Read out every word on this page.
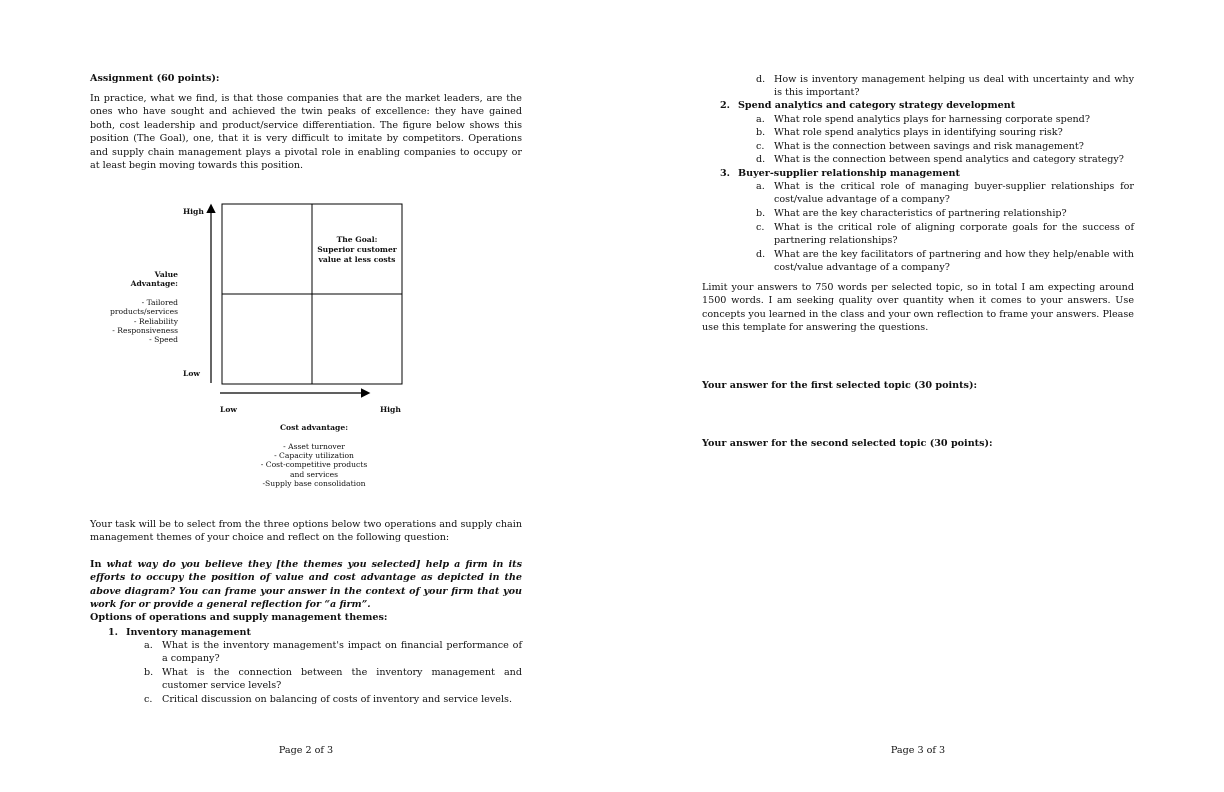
Assignment (60 points):
In practice, what we find, is that those companies that are the market leaders, are the ones who have sought and achieved the twin peaks of excellence: they have gained both, cost leadership and product/service differentiation. The figure below shows this position (The Goal), one, that it is very difficult to imitate by competitors. Operations and supply chain management plays a pivotal role in enabling companies to occupy or at least begin moving towards this position.
High
Low
Low	High
Value
Advantage:
- Tailored
products/services
- Reliability
- Responsiveness
- Speed
The Goal:
Superior customer
value at less costs
Cost advantage:
- Asset turnover
- Capacity utilization
- Cost-competitive products
and services
-Supply base consolidation
Your task will be to select from the three options below two operations and supply chain management themes of your choice and reflect on the following question:
In what way do you believe they [the themes you selected] help a firm in its efforts to occupy the position of value and cost advantage as depicted in the above diagram? You can frame your answer in the context of your firm that you work for or provide a general reflection for “a firm”.
Options of operations and supply management themes:
1. Inventory management
a. What is the inventory management's impact on financial performance of a company?
b. What is the connection between the inventory management and customer service levels?
c. Critical discussion on balancing of costs of inventory and service levels.
Page 2 of 3
d. How is inventory management helping us deal with uncertainty and why is this important?
2. Spend analytics and category strategy development
a. What role spend analytics plays for harnessing corporate spend?
b. What role spend analytics plays in identifying souring risk?
c. What is the connection between savings and risk management?
d. What is the connection between spend analytics and category strategy?
3. Buyer-supplier relationship management
a. What is the critical role of managing buyer-supplier relationships for cost/value advantage of a company?
b. What are the key characteristics of partnering relationship?
c. What is the critical role of aligning corporate goals for the success of partnering relationships?
d. What are the key facilitators of partnering and how they help/enable with cost/value advantage of a company?
Limit your answers to 750 words per selected topic, so in total I am expecting around 1500 words. I am seeking quality over quantity when it comes to your answers. Use concepts you learned in the class and your own reflection to frame your answers. Please use this template for answering the questions.
Your answer for the first selected topic (30 points):
Your answer for the second selected topic (30 points):
Page 3 of 3
